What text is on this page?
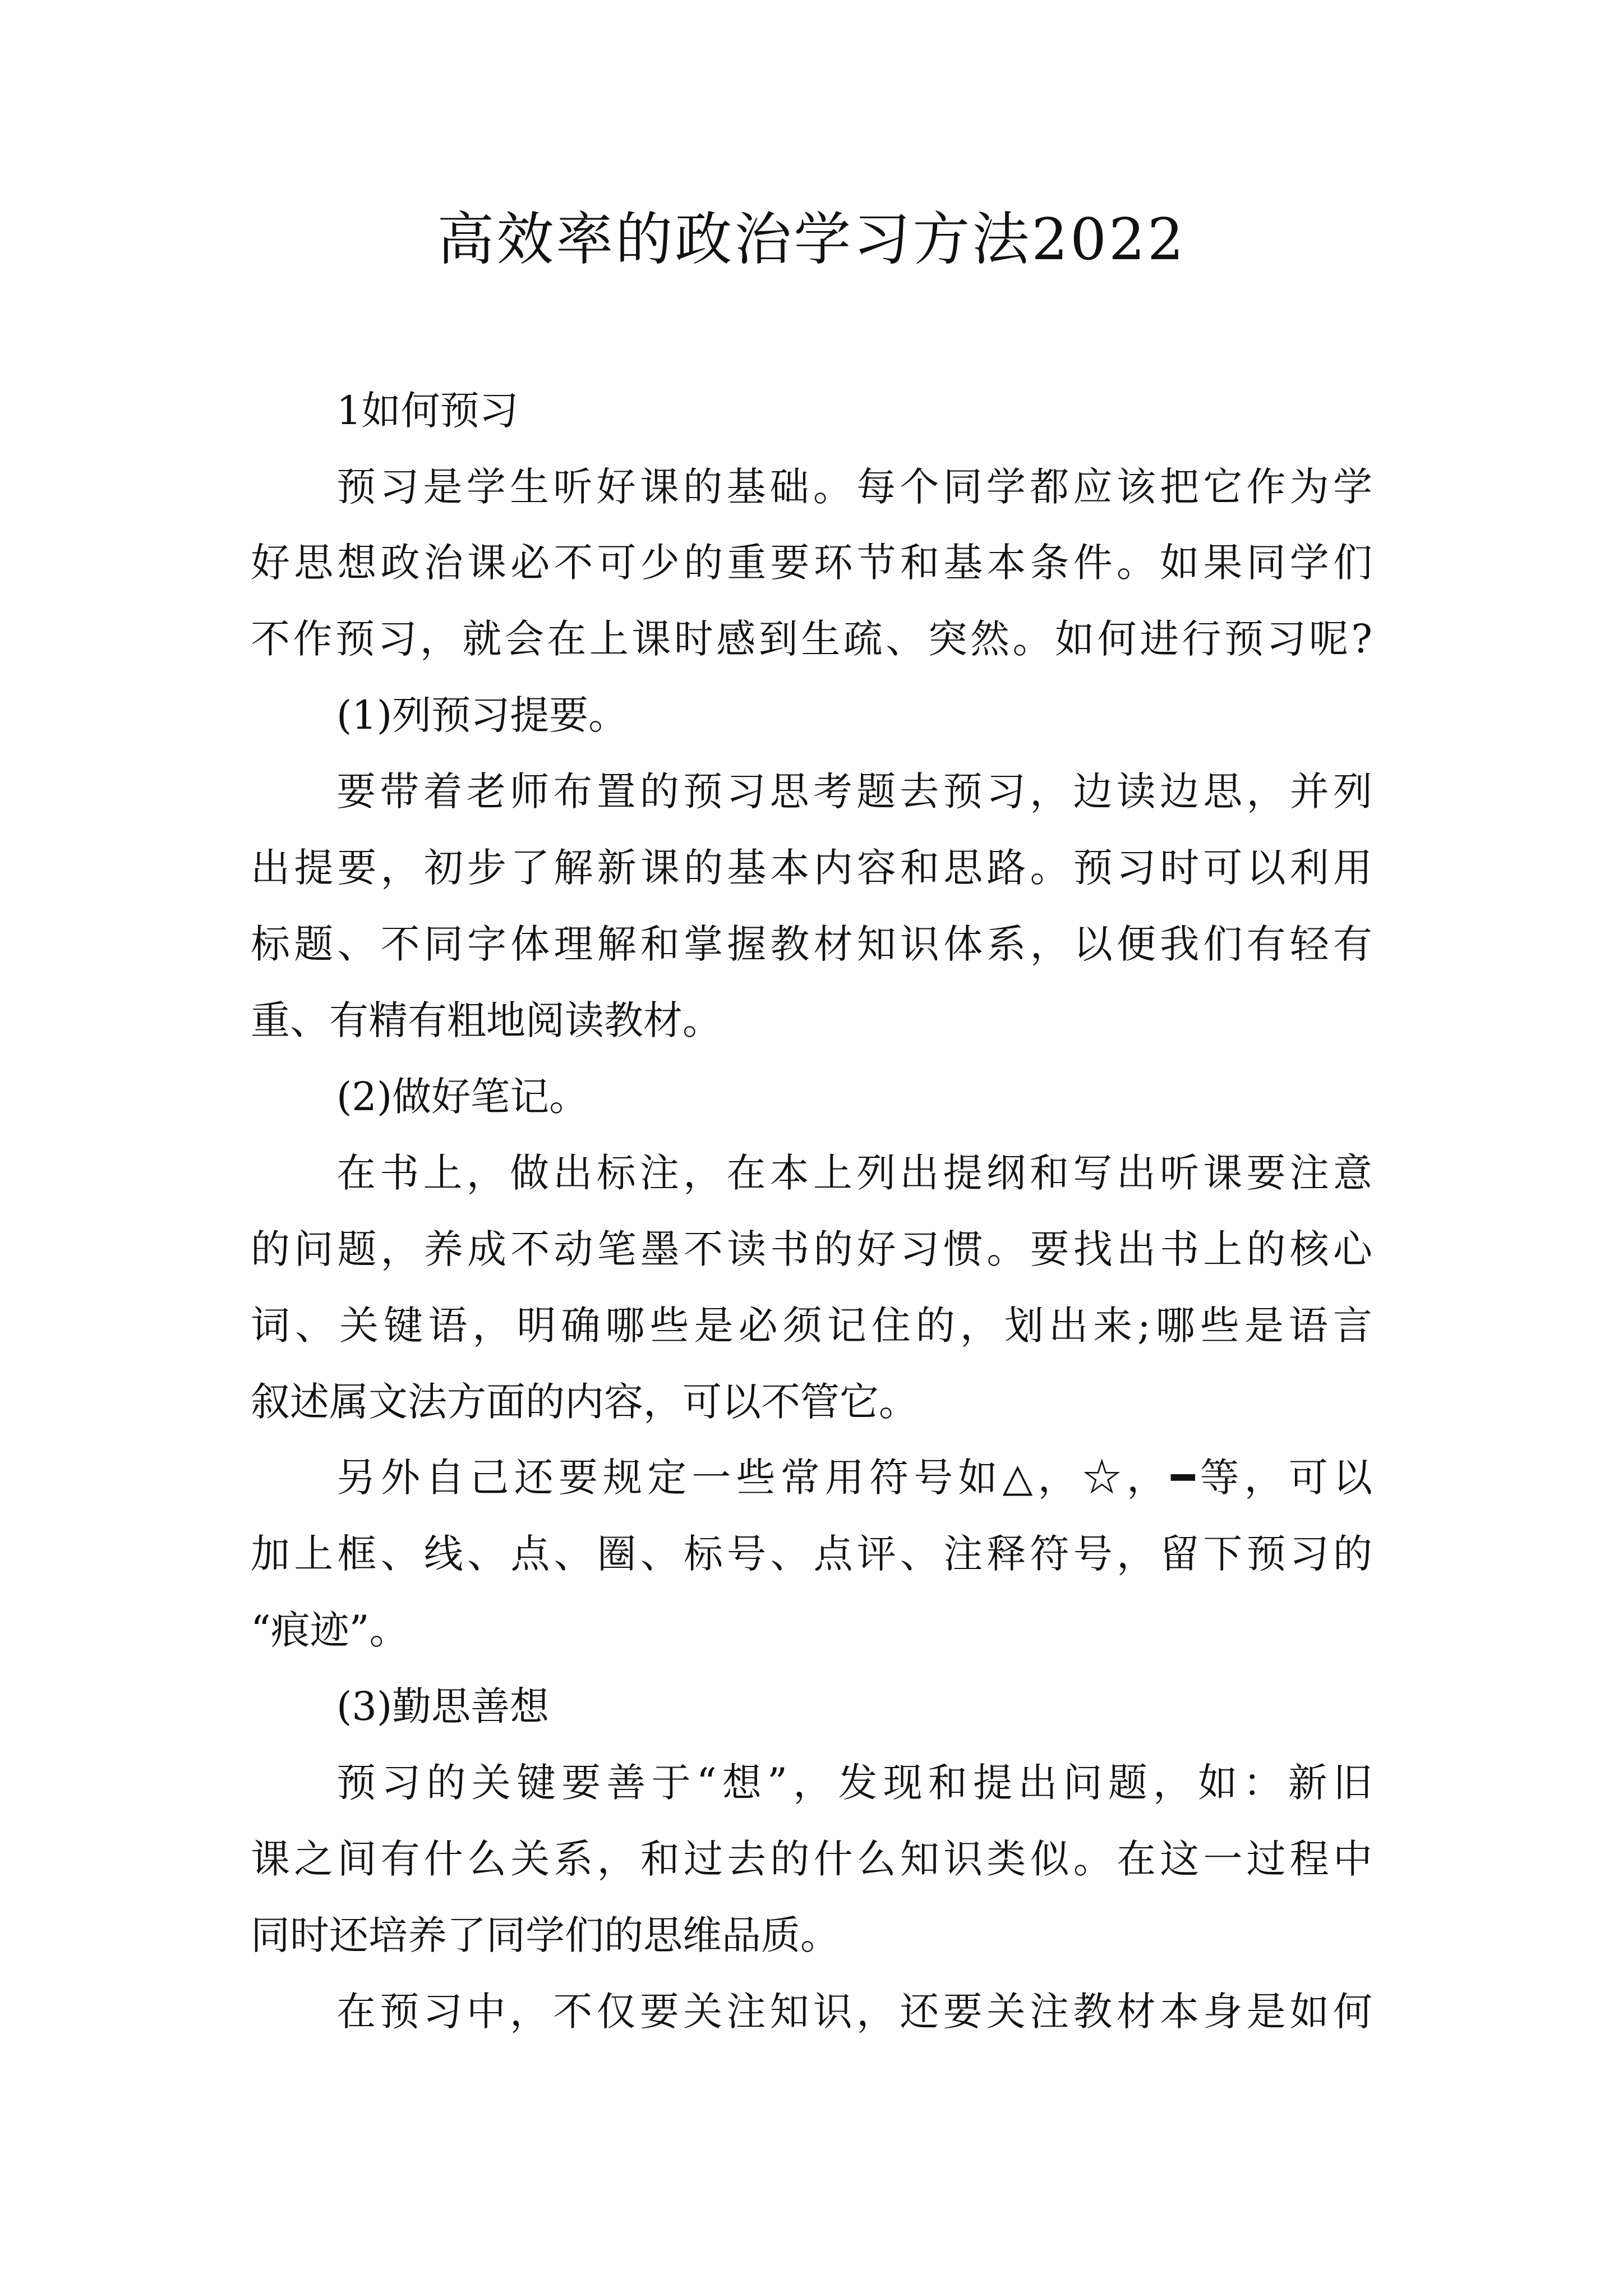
高效率的政治学习方法2022
1如何预习
预习是学生听好课的基础。每个同学都应该把它作为学
好思想政治课必不可少的重要环节和基本条件。如果同学们
不作预习，就会在上课时感到生疏、突然。如何进行预习呢?
(1)列预习提要。
要带着老师布置的预习思考题去预习，边读边思，并列
出提要，初步了解新课的基本内容和思路。预习时可以利用
标题、不同字体理解和掌握教材知识体系，以便我们有轻有
重、有精有粗地阅读教材。
(2)做好笔记。
在书上，做出标注，在本上列出提纲和写出听课要注意
的问题，养成不动笔墨不读书的好习惯。要找出书上的核心
词、关键语，明确哪些是必须记住的，划出来;哪些是语言
叙述属文法方面的内容，可以不管它。
另外自己还要规定一些常用符号如△，☆，━等，可以
加上框、线、点、圈、标号、点评、注释符号，留下预习的
“痕迹”。
(3)勤思善想
预习的关键要善于“想”，发现和提出问题，如：新旧
课之间有什么关系，和过去的什么知识类似。在这一过程中
同时还培养了同学们的思维品质。
在预习中，不仅要关注知识，还要关注教材本身是如何
